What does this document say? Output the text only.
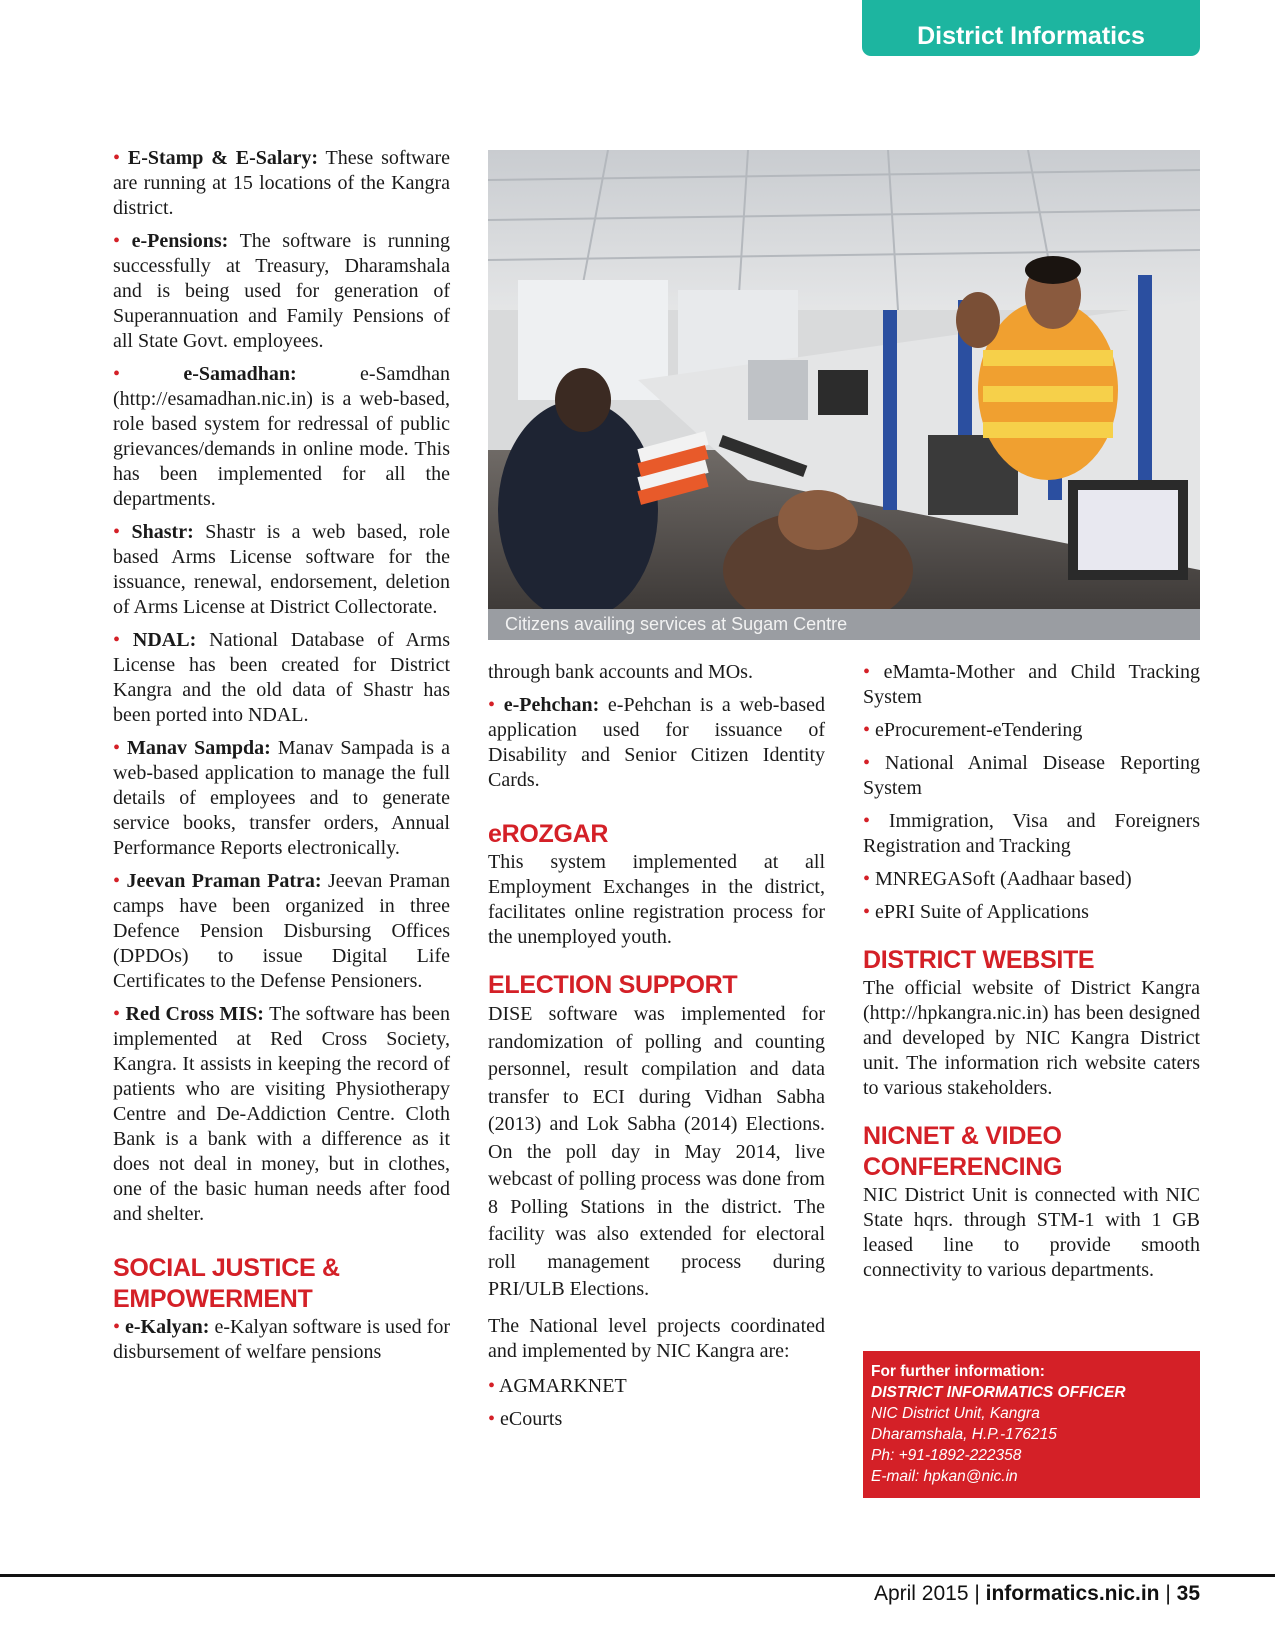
District Informatics
• E-Stamp & E-Salary: These software are running at 15 locations of the Kangra district.
• e-Pensions: The software is running successfully at Treasury, Dharamshala and is being used for generation of Superannuation and Family Pensions of all State Govt. employees.
• e-Samadhan: e-Samdhan (http://esamadhan.nic.in) is a web-based, role based system for redressal of public grievances/demands in online mode. This has been implemented for all the departments.
• Shastr: Shastr is a web based, role based Arms License software for the issuance, renewal, endorsement, deletion of Arms License at District Collectorate.
• NDAL: National Database of Arms License has been created for District Kangra and the old data of Shastr has been ported into NDAL.
• Manav Sampda: Manav Sampada is a web-based application to manage the full details of employees and to generate service books, transfer orders, Annual Performance Reports electronically.
• Jeevan Praman Patra: Jeevan Praman camps have been organized in three Defence Pension Disbursing Offices (DPDOs) to issue Digital Life Certificates to the Defense Pensioners.
• Red Cross MIS: The software has been implemented at Red Cross Society, Kangra. It assists in keeping the record of patients who are visiting Physiotherapy Centre and De-Addiction Centre. Cloth Bank is a bank with a difference as it does not deal in money, but in clothes, one of the basic human needs after food and shelter.
SOCIAL JUSTICE & EMPOWERMENT
• e-Kalyan: e-Kalyan software is used for disbursement of welfare pensions
Citizens availing services at Sugam Centre
through bank accounts and MOs.
• e-Pehchan: e-Pehchan is a web-based application used for issuance of Disability and Senior Citizen Identity Cards.
eROZGAR
This system implemented at all Employment Exchanges in the district, facilitates online registration process for the unemployed youth.
ELECTION SUPPORT
DISE software was implemented for randomization of polling and counting personnel, result compilation and data transfer to ECI during Vidhan Sabha (2013) and Lok Sabha (2014) Elections. On the poll day in May 2014, live webcast of polling process was done from 8 Polling Stations in the district. The facility was also extended for electoral roll management process during PRI/ULB Elections.
The National level projects coordinated and implemented by NIC Kangra are:
• AGMARKNET
• eCourts
• eMamta-Mother and Child Tracking System
• eProcurement-eTendering
• National Animal Disease Reporting System
• Immigration, Visa and Foreigners Registration and Tracking
• MNREGASoft (Aadhaar based)
• ePRI Suite of Applications
DISTRICT WEBSITE
The official website of District Kangra (http://hpkangra.nic.in) has been designed and developed by NIC Kangra District unit. The information rich website caters to various stakeholders.
NICNET & VIDEO CONFERENCING
NIC District Unit is connected with NIC State hqrs. through STM-1 with 1 GB leased line to provide smooth connectivity to various departments.
For further information:
DISTRICT INFORMATICS OFFICER
NIC District Unit, Kangra
Dharamshala, H.P.-176215
Ph: +91-1892-222358
E-mail: hpkan@nic.in
April 2015 | informatics.nic.in | 35
